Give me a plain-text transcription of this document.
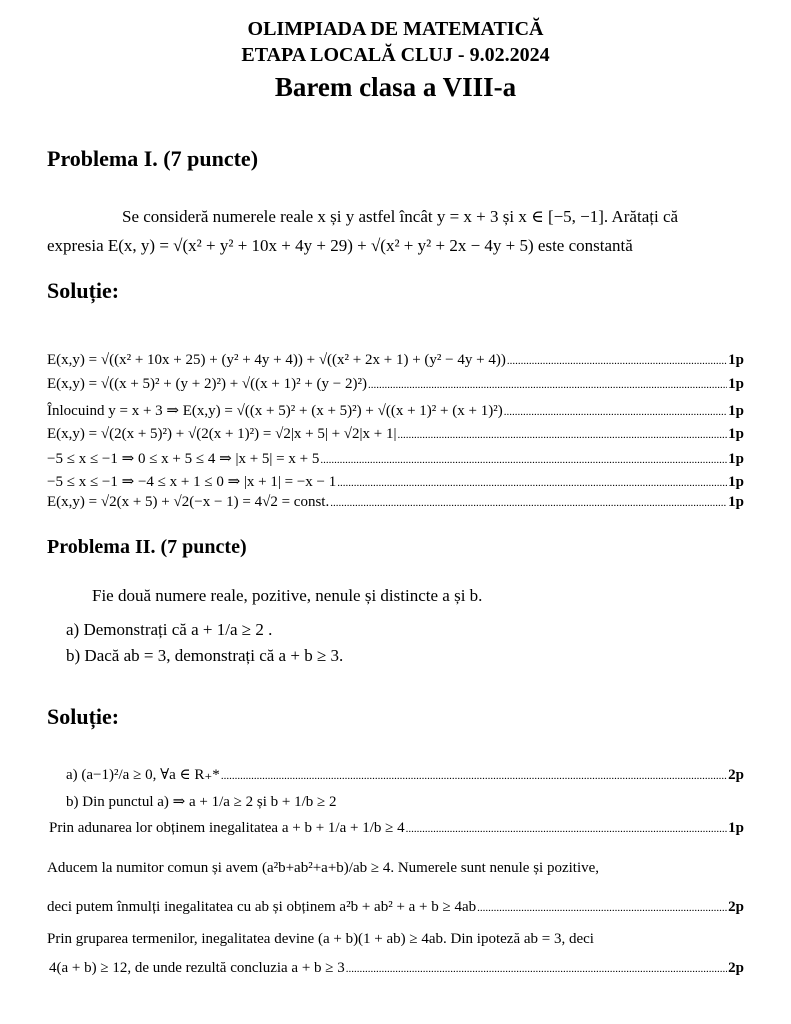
OLIMPIADA DE MATEMATICĂ
ETAPA LOCALĂ CLUJ - 9.02.2024
Barem clasa a VIII-a
Problema I. (7 puncte)
Se consideră numerele reale x și y astfel încât y = x + 3 și x ∈ [−5, −1]. Arătați că
expresia E(x, y) = √(x² + y² + 10x + 4y + 29) + √(x² + y² + 2x − 4y + 5) este constantă
Soluție:
E(x,y) = √((x² + 10x + 25) + (y² + 4y + 4)) + √((x² + 2x + 1) + (y² − 4y + 4)) .....	1p
E(x,y) = √((x + 5)² + (y + 2)²) + √((x + 1)² + (y − 2)²) .....	1p
Înlocuind y = x + 3 ⇒ E(x,y) = √((x + 5)² + (x + 5)²) + √((x + 1)² + (x + 1)²) .....	1p
E(x,y) = √(2(x + 5)²) + √(2(x + 1)²) = √2|x + 5| + √2|x + 1| .....	1p
−5 ≤ x ≤ −1 ⇒ 0 ≤ x + 5 ≤ 4 ⇒ |x + 5| = x + 5 .....	1p
−5 ≤ x ≤ −1 ⇒ −4 ≤ x + 1 ≤ 0 ⇒ |x + 1| = −x − 1 .....	1p
E(x,y) = √2(x + 5) + √2(−x − 1) = 4√2 = const. .....	1p
Problema II. (7 puncte)
Fie două numere reale, pozitive, nenule și distincte a și b.
a) Demonstrați că a + 1/a ≥ 2 .
b) Dacă ab = 3, demonstrați că a + b ≥ 3.
Soluție:
a) (a−1)²/a ≥ 0, ∀a ∈ R₊* .....	2p
b) Din punctul a) ⇒ a + 1/a ≥ 2 și b + 1/b ≥ 2
Prin adunarea lor obținem inegalitatea a + b + 1/a + 1/b ≥ 4 .....	1p
Aducem la numitor comun și avem (a²b+ab²+a+b)/ab ≥ 4. Numerele sunt nenule și pozitive,
deci putem înmulți inegalitatea cu ab și obținem a²b + ab² + a + b ≥ 4ab .....	2p
Prin gruparea termenilor, inegalitatea devine (a + b)(1 + ab) ≥ 4ab. Din ipoteză ab = 3, deci
4(a + b) ≥ 12, de unde rezultă concluzia a + b ≥ 3 .....	2p
